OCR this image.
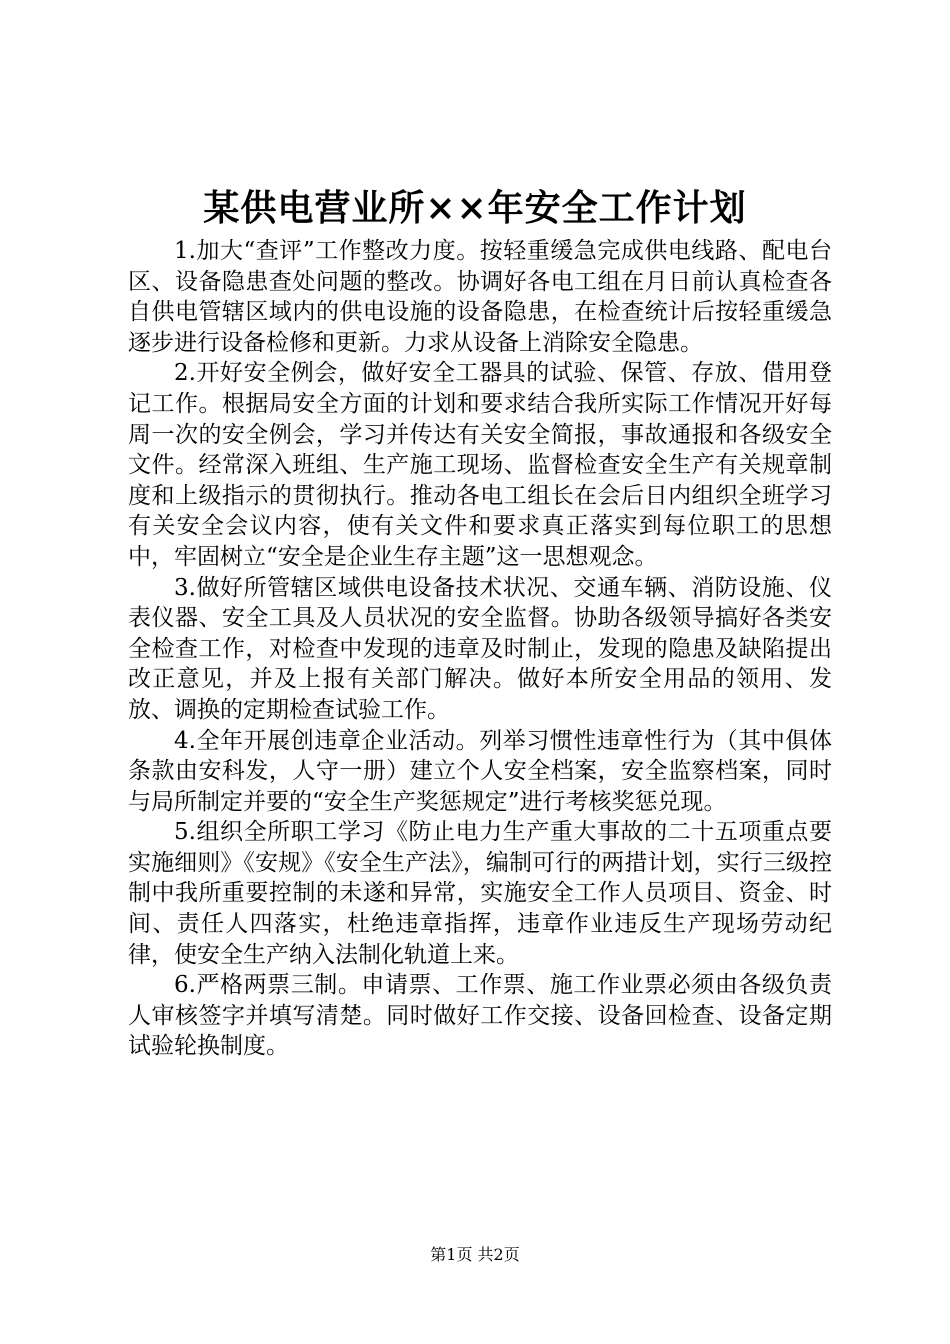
某供电营业所××年安全工作计划

1.加大“查评”工作整改力度。按轻重缓急完成供电线路、配电台区、设备隐患查处问题的整改。协调好各电工组在月日前认真检查各自供电管辖区域内的供电设施的设备隐患，在检查统计后按轻重缓急逐步进行设备检修和更新。力求从设备上消除安全隐患。

2.开好安全例会，做好安全工器具的试验、保管、存放、借用登记工作。根据局安全方面的计划和要求结合我所实际工作情况开好每周一次的安全例会，学习并传达有关安全简报，事故通报和各级安全文件。经常深入班组、生产施工现场、监督检查安全生产有关规章制度和上级指示的贯彻执行。推动各电工组长在会后日内组织全班学习有关安全会议内容，使有关文件和要求真正落实到每位职工的思想中，牢固树立“安全是企业生存主题”这一思想观念。

3.做好所管辖区域供电设备技术状况、交通车辆、消防设施、仪表仪器、安全工具及人员状况的安全监督。协助各级领导搞好各类安全检查工作，对检查中发现的违章及时制止，发现的隐患及缺陷提出改正意见，并及上报有关部门解决。做好本所安全用品的领用、发放、调换的定期检查试验工作。

4.全年开展创违章企业活动。列举习惯性违章性行为（其中俱体条款由安科发，人守一册）建立个人安全档案，安全监察档案，同时与局所制定并要的“安全生产奖惩规定”进行考核奖惩兑现。

5.组织全所职工学习《防止电力生产重大事故的二十五项重点要实施细则》《安规》《安全生产法》，编制可行的两措计划，实行三级控制中我所重要控制的未遂和异常，实施安全工作人员项目、资金、时间、责任人四落实，杜绝违章指挥，违章作业违反生产现场劳动纪律，使安全生产纳入法制化轨道上来。

6.严格两票三制。申请票、工作票、施工作业票必须由各级负责人审核签字并填写清楚。同时做好工作交接、设备回检查、设备定期试验轮换制度。

第1页 共2页
